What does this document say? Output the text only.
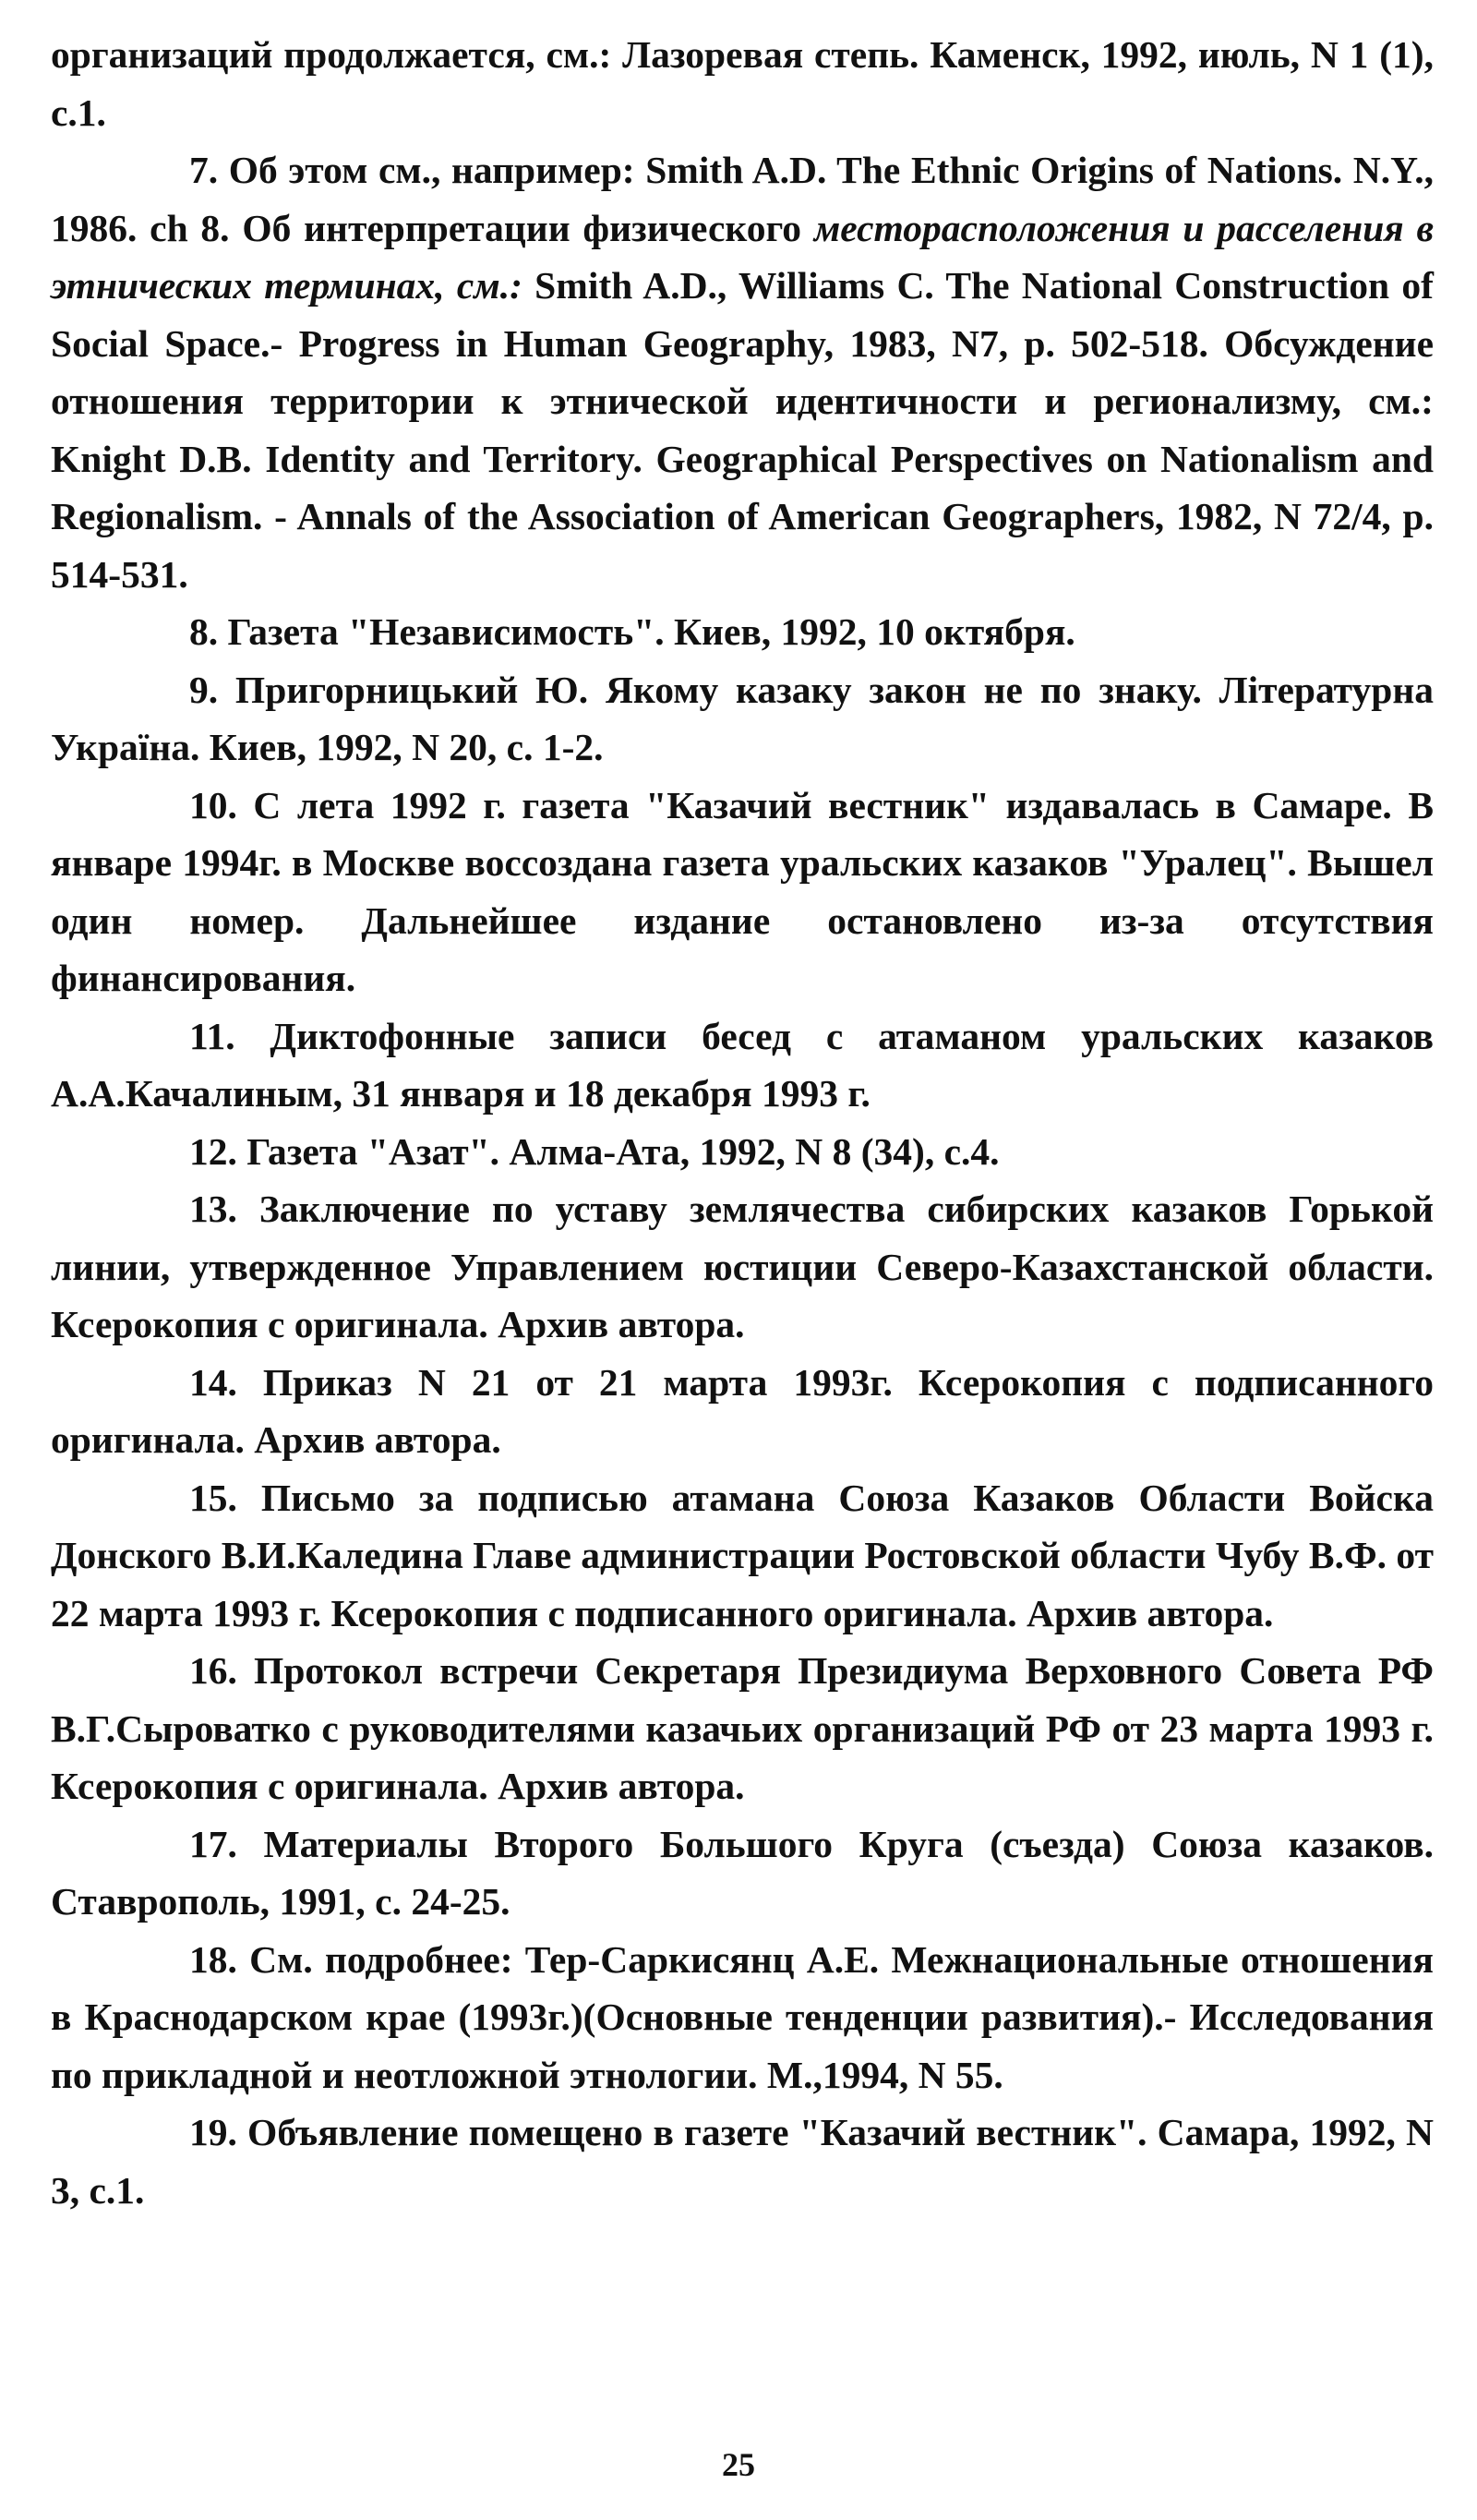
организаций продолжается, см.: Лазоревая степь. Каменск, 1992, июль, N 1 (1), с.1.

7. Об этом см., например: Smith A.D. The Ethnic Origins of Nations. N.Y., 1986. ch 8. Об интерпретации физического месторасположения и расселения в этнических терминах, см.: Smith A.D., Williams C. The National Construction of Social Space.- Progress in Human Geography, 1983, N7, p. 502-518. Обсуждение отношения территории к этнической идентичности и регионализму, см.: Knight D.B. Identity and Territory. Geographical Perspectives on Nationalism and Regionalism. - Annals of the Association of American Geographers, 1982, N 72/4, p. 514-531.

8. Газета "Независимость". Киев, 1992, 10 октября.

9. Пригорницький Ю. Якому казаку закон не по знаку. Літературна Україна. Киев, 1992, N 20, с. 1-2.

10. С лета 1992 г. газета "Казачий вестник" издавалась в Самаре. В январе 1994г. в Москве воссоздана газета уральских казаков "Уралец". Вышел один номер. Дальнейшее издание остановлено из-за отсутствия финансирования.

11. Диктофонные записи бесед с атаманом уральских казаков А.А.Качалиным, 31 января и 18 декабря 1993 г.

12. Газета "Азат". Алма-Ата, 1992, N 8 (34), с.4.

13. Заключение по уставу землячества сибирских казаков Горькой линии, утвержденное Управлением юстиции Северо-Казахстанской области. Ксерокопия с оригинала. Архив автора.

14. Приказ N 21 от 21 марта 1993г. Ксерокопия с подписанного оригинала. Архив автора.

15. Письмо за подписью атамана Союза Казаков Области Войска Донского В.И.Каледина Главе администрации Ростовской области Чубу В.Ф. от 22 марта 1993 г. Ксерокопия с подписанного оригинала. Архив автора.

16. Протокол встречи Секретаря Президиума Верховного Совета РФ В.Г.Сыроватко с руководителями казачьих организаций РФ от 23 марта 1993 г. Ксерокопия с оригинала. Архив автора.

17. Материалы Второго Большого Круга (съезда) Союза казаков. Ставрополь, 1991, с. 24-25.

18. См. подробнее: Тер-Саркисянц А.Е. Межнациональные отношения в Краснодарском крае (1993г.)(Основные тенденции развития).- Исследования по прикладной и неотложной этнологии. М.,1994, N 55.

19. Объявление помещено в газете "Казачий вестник". Самара, 1992, N 3, с.1.

25
